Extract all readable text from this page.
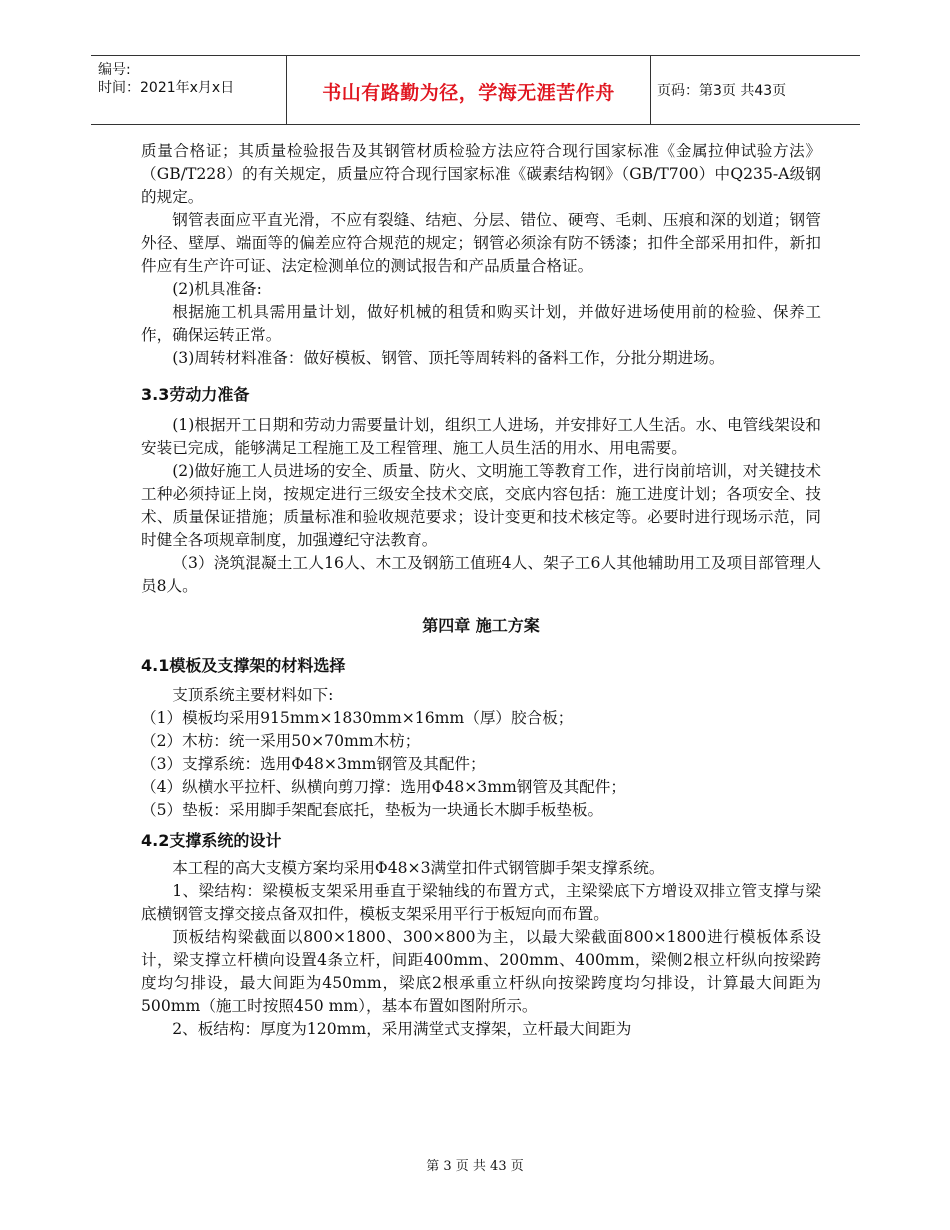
编号:
时间：2021年x月x日	书山有路勤为径，学海无涯苦作舟	页码：第3页 共43页

质量合格证；其质量检验报告及其钢管材质检验方法应符合现行国家标准《金属拉伸试验方法》（GB/T228）的有关规定，质量应符合现行国家标准《碳素结构钢》（GB/T700）中Q235-A级钢的规定。

钢管表面应平直光滑，不应有裂缝、结疤、分层、错位、硬弯、毛刺、压痕和深的划道；钢管外径、壁厚、端面等的偏差应符合规范的规定；钢管必须涂有防不锈漆；扣件全部采用扣件，新扣件应有生产许可证、法定检测单位的测试报告和产品质量合格证。

(2)机具准备:

根据施工机具需用量计划，做好机械的租赁和购买计划，并做好进场使用前的检验、保养工作，确保运转正常。

(3)周转材料准备：做好模板、钢管、顶托等周转料的备料工作，分批分期进场。

3.3劳动力准备

(1)根据开工日期和劳动力需要量计划，组织工人进场，并安排好工人生活。水、电管线架设和安装已完成，能够满足工程施工及工程管理、施工人员生活的用水、用电需要。

(2)做好施工人员进场的安全、质量、防火、文明施工等教育工作，进行岗前培训，对关键技术工种必须持证上岗，按规定进行三级安全技术交底，交底内容包括：施工进度计划；各项安全、技术、质量保证措施；质量标准和验收规范要求；设计变更和技术核定等。必要时进行现场示范，同时健全各项规章制度，加强遵纪守法教育。

（3）浇筑混凝土工人16人、木工及钢筋工值班4人、架子工6人其他辅助用工及项目部管理人员8人。

第四章 施工方案
4.1模板及支撑架的材料选择

支顶系统主要材料如下:

（1）模板均采用915mm×1830mm×16mm（厚）胶合板；

（2）木枋：统一采用50×70mm木枋；

（3）支撑系统：选用Φ48×3mm钢管及其配件；

（4）纵横水平拉杆、纵横向剪刀撑：选用Φ48×3mm钢管及其配件；

（5）垫板：采用脚手架配套底托，垫板为一块通长木脚手板垫板。

4.2支撑系统的设计

本工程的高大支模方案均采用Φ48×3满堂扣件式钢管脚手架支撑系统。

1、梁结构：梁模板支架采用垂直于梁轴线的布置方式，主梁梁底下方增设双排立管支撑与梁底横钢管支撑交接点备双扣件，模板支架采用平行于板短向而布置。

顶板结构梁截面以800×1800、300×800为主，以最大梁截面800×1800进行模板体系设计，梁支撑立杆横向设置4条立杆，间距400mm、200mm、400mm，梁侧2根立杆纵向按梁跨度均匀排设，最大间距为450mm，梁底2根承重立杆纵向按梁跨度均匀排设，计算最大间距为500mm（施工时按照450 mm），基本布置如图附所示。

2、板结构：厚度为120mm，采用满堂式支撑架，立杆最大间距为

第 3 页 共 43 页
